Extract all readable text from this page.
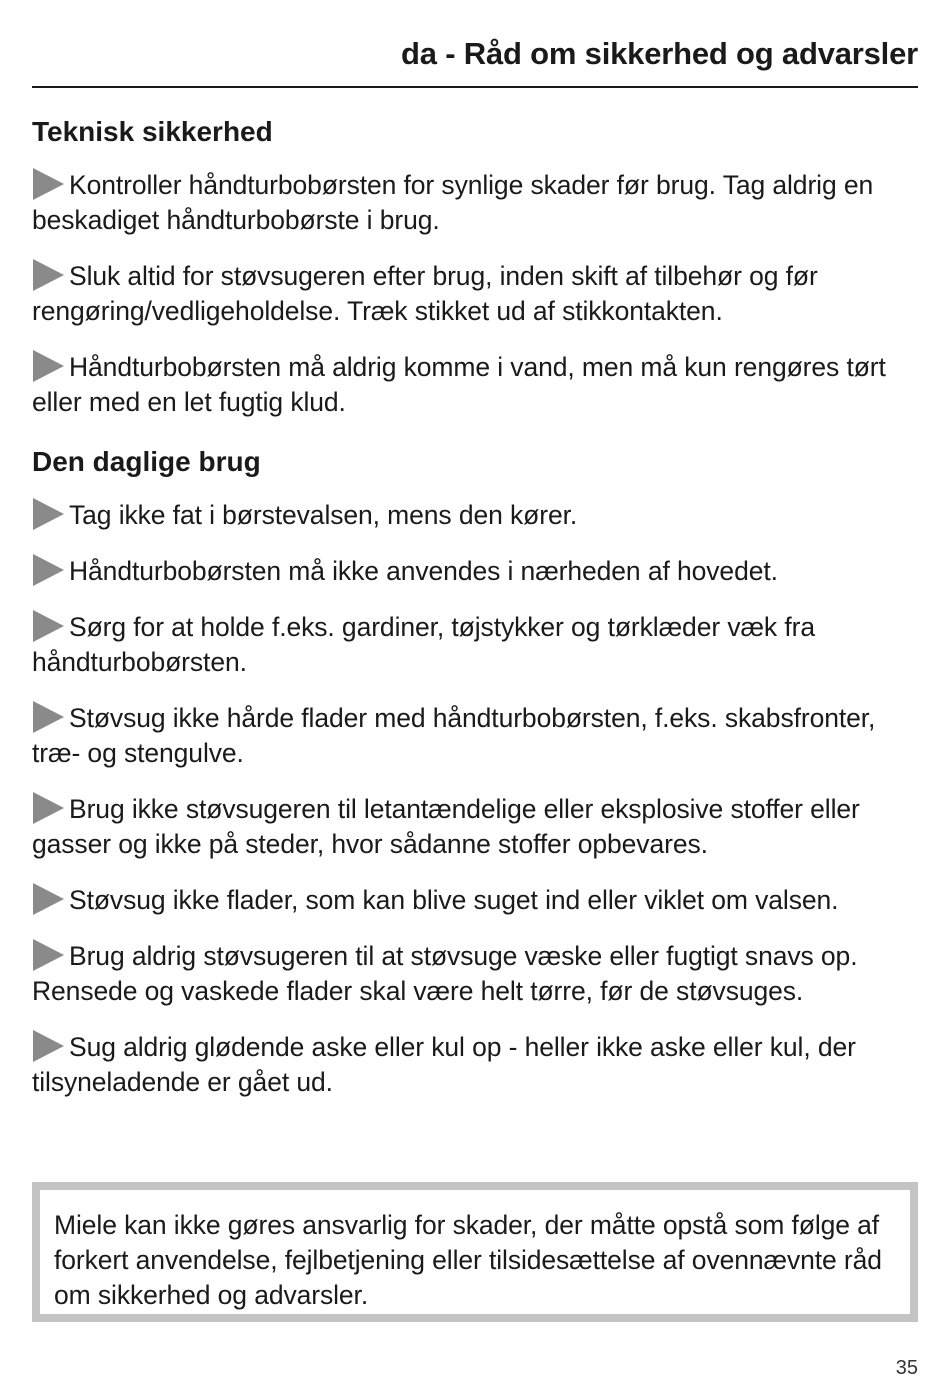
da - Råd om sikkerhed og advarsler
Teknisk sikkerhed

Kontroller håndturbobørsten for synlige skader før brug. Tag aldrig en beskadiget håndturbobørste i brug.

Sluk altid for støvsugeren efter brug, inden skift af tilbehør og før rengøring/vedligeholdelse. Træk stikket ud af stikkontakten.

Håndturbobørsten må aldrig komme i vand, men må kun rengøres tørt eller med en let fugtig klud.

Den daglige brug

Tag ikke fat i børstevalsen, mens den kører.

Håndturbobørsten må ikke anvendes i nærheden af hovedet.

Sørg for at holde f.eks. gardiner, tøjstykker og tørklæder væk fra håndturbobørsten.

Støvsug ikke hårde flader med håndturbobørsten, f.eks. skabsfronter, træ- og stengulve.

Brug ikke støvsugeren til letantændelige eller eksplosive stoffer eller gasser og ikke på steder, hvor sådanne stoffer opbevares.

Støvsug ikke flader, som kan blive suget ind eller viklet om valsen.

Brug aldrig støvsugeren til at støvsuge væske eller fugtigt snavs op. Rensede og vaskede flader skal være helt tørre, før de støvsuges.

Sug aldrig glødende aske eller kul op - heller ikke aske eller kul, der tilsyneladende er gået ud.

Miele kan ikke gøres ansvarlig for skader, der måtte opstå som følge af forkert anvendelse, fejlbetjening eller tilsidesættelse af ovennævnte råd om sikkerhed og advarsler.
35
